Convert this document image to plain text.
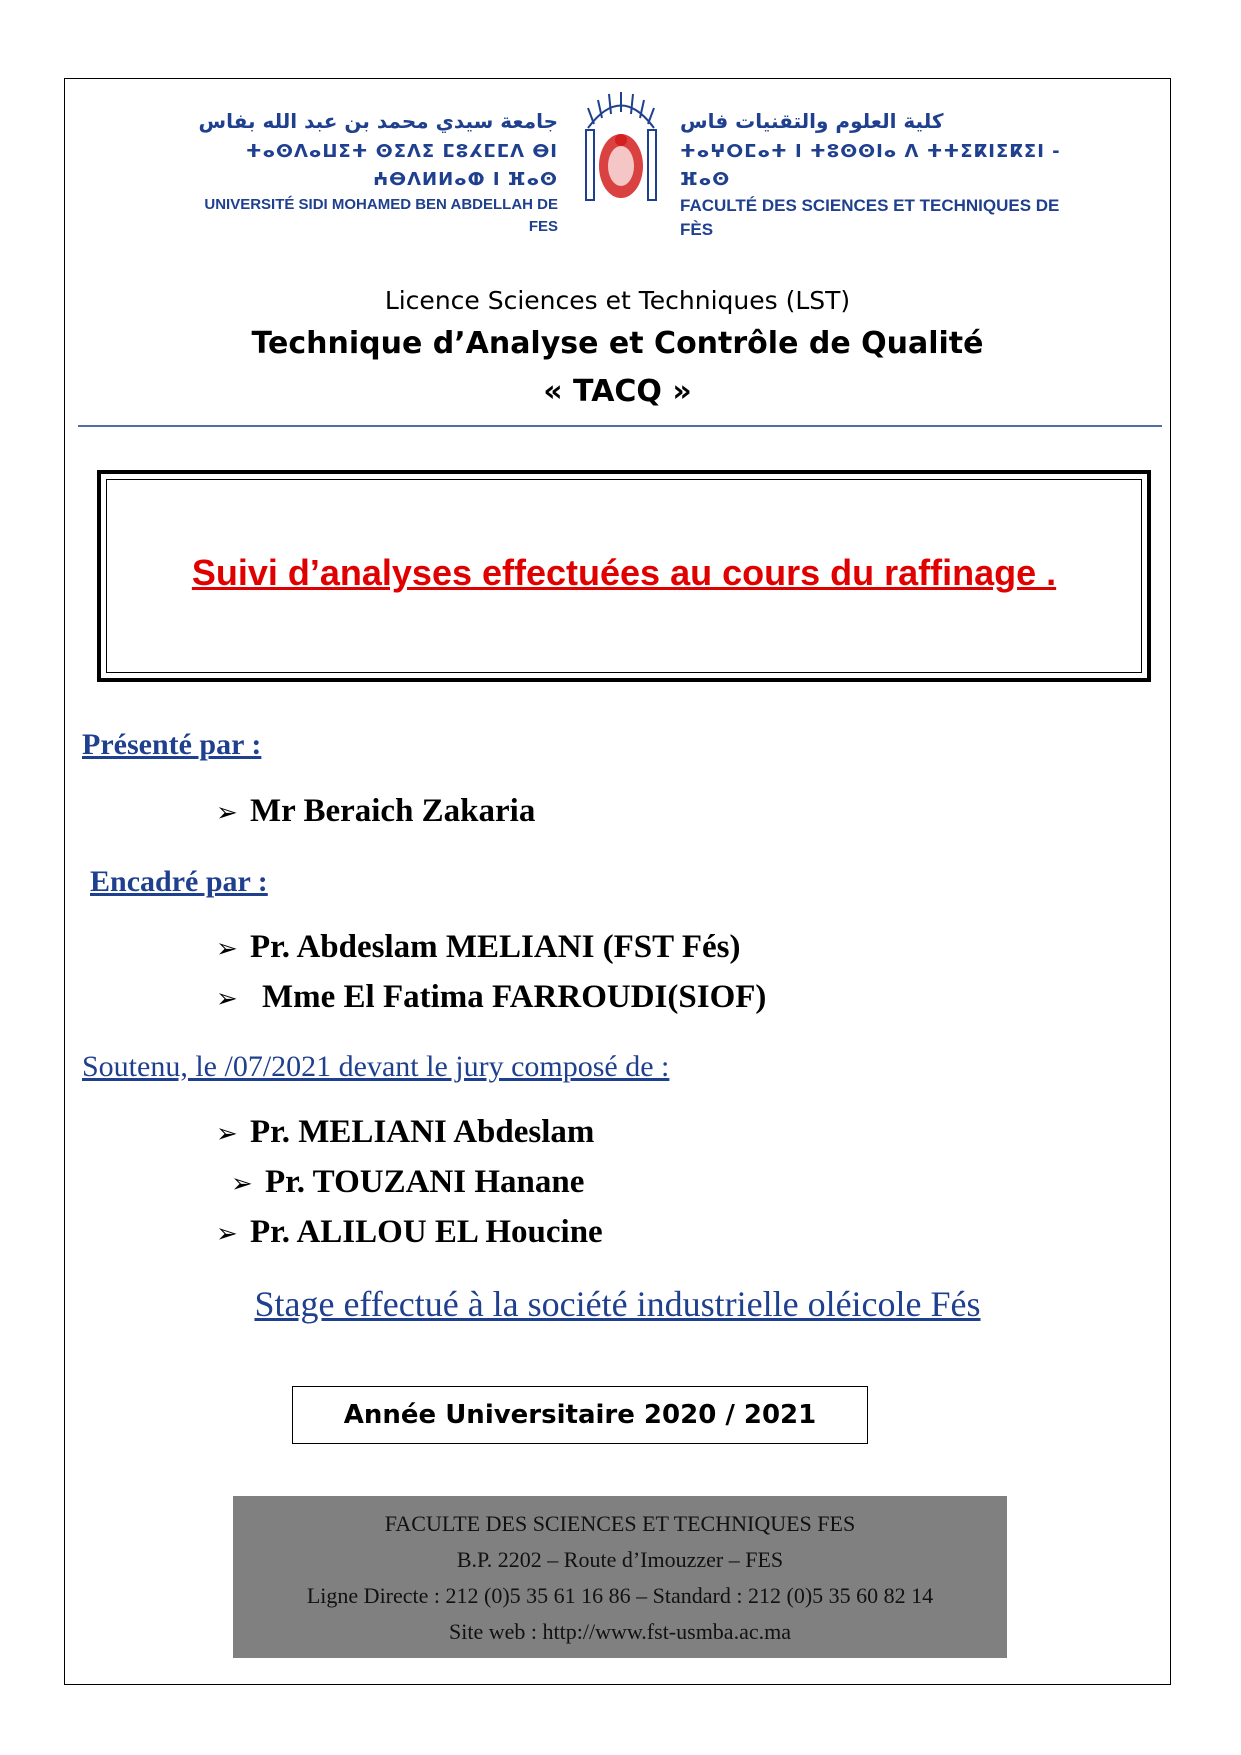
جامعة سيدي محمد بن عبد الله بفاس
ⵜⴰⵙⴷⴰⵡⵉⵜ ⵙⵉⴷⵉ ⵎⵓⵃⵎⵎⴷ ⴱⵏ ⵄⴱⴷⵍⵍⴰⵀ ⵏ ⴼⴰⵙ
UNIVERSITÉ SIDI MOHAMED BEN ABDELLAH DE FES
كلية العلوم والتقنيات فاس
ⵜⴰⵖⵔⵎⴰⵜ ⵏ ⵜⵓⵙⵙⵏⴰ ⴷ ⵜⵜⵉⴽⵏⵉⴽⵉⵏ - ⴼⴰⵙ
FACULTÉ DES SCIENCES ET TECHNIQUES DE FÈS
Licence Sciences et Techniques (LST)
Technique d’Analyse et Contrôle de Qualité
« TACQ »
Suivi d’analyses effectuées au cours du raffinage .
Présenté par :
➢ Mr Beraich Zakaria
Encadré par :
➢ Pr. Abdeslam MELIANI (FST Fés)
➢ Mme El Fatima FARROUDI(SIOF)
Soutenu, le /07/2021 devant le jury composé de :
➢ Pr. MELIANI Abdeslam
➢ Pr. TOUZANI Hanane
➢ Pr. ALILOU EL Houcine
Stage effectué à la société industrielle oléicole Fés
Année Universitaire 2020 / 2021
FACULTE DES SCIENCES ET TECHNIQUES FES
B.P. 2202 – Route d’Imouzzer – FES
Ligne Directe : 212 (0)5 35 61 16 86 – Standard : 212 (0)5 35 60 82 14
Site web : http://www.fst-usmba.ac.ma
